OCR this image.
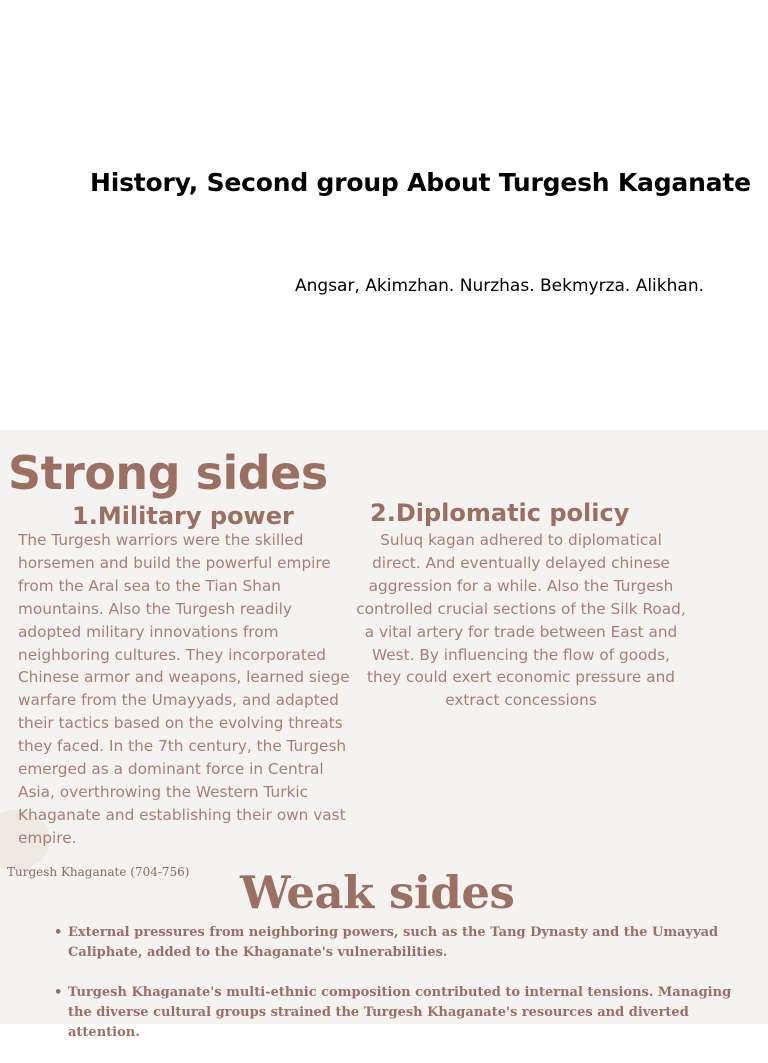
History, Second group About Turgesh Kaganate
Angsar, Akimzhan. Nurzhas. Bekmyrza. Alikhan.
Strong sides
1.Military power

The Turgesh warriors were the skilled horsemen and build the powerful empire from the Aral sea to the Tian Shan mountains. Also the Turgesh readily adopted military innovations from neighboring cultures. They incorporated Chinese armor and weapons, learned siege warfare from the Umayyads, and adapted their tactics based on the evolving threats they faced. In the 7th century, the Turgesh emerged as a dominant force in Central Asia, overthrowing the Western Turkic Khaganate and establishing their own vast empire.

2.Diplomatic policy

Suluq kagan adhered to diplomatical direct. And eventually delayed chinese aggression for a while. Also the Turgesh controlled crucial sections of the Silk Road, a vital artery for trade between East and West. By influencing the flow of goods, they could exert economic pressure and extract concessions

Turgesh Khaganate (704-756) Weak sides
• External pressures from neighboring powers, such as the Tang Dynasty and the Umayyad Caliphate, added to the Khaganate's vulnerabilities.
• Turgesh Khaganate's multi-ethnic composition contributed to internal tensions. Managing the diverse cultural groups strained the Turgesh Khaganate's resources and diverted attention.
